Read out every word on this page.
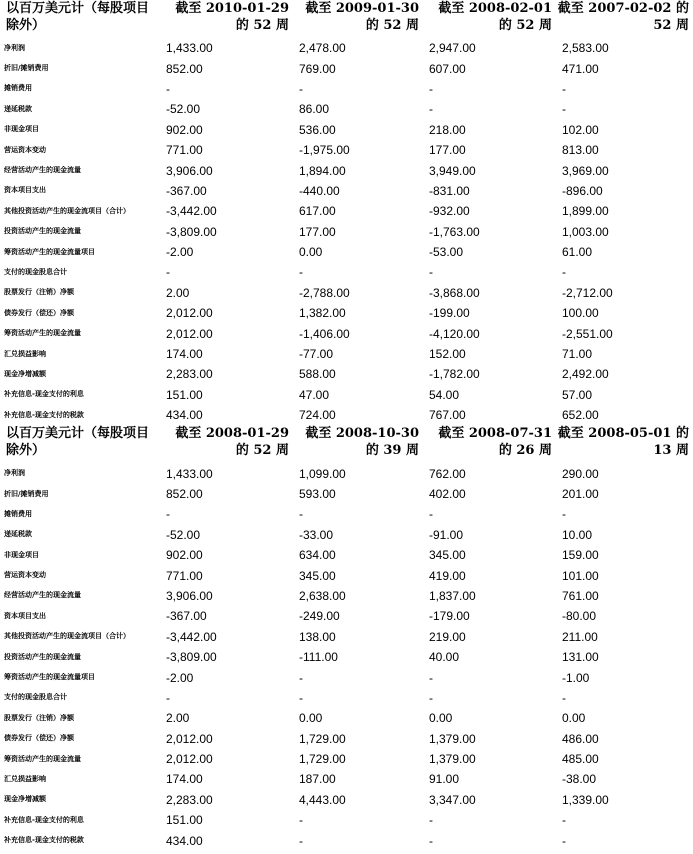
以百万美元计（每股项目除外）	截至 2010-01-29 的 52 周	截至 2009-01-30 的 52 周	截至 2008-02-01 的 52 周	截至 2007-02-02 的 52 周
净利润	1,433.00	2,478.00	2,947.00	2,583.00
折旧/摊销费用	852.00	769.00	607.00	471.00
摊销费用	-	-	-	-
递延税款	-52.00	86.00	-	-
非现金项目	902.00	536.00	218.00	102.00
营运资本变动	771.00	-1,975.00	177.00	813.00
经营活动产生的现金流量	3,906.00	1,894.00	3,949.00	3,969.00
资本项目支出	-367.00	-440.00	-831.00	-896.00
其他投资活动产生的现金流项目（合计）	-3,442.00	617.00	-932.00	1,899.00
投资活动产生的现金流量	-3,809.00	177.00	-1,763.00	1,003.00
筹资活动产生的现金流量项目	-2.00	0.00	-53.00	61.00
支付的现金股息合计	-	-	-	-
股票发行（注销）净额	2.00	-2,788.00	-3,868.00	-2,712.00
债券发行（偿还）净额	2,012.00	1,382.00	-199.00	100.00
筹资活动产生的现金流量	2,012.00	-1,406.00	-4,120.00	-2,551.00
汇兑损益影响	174.00	-77.00	152.00	71.00
现金净增减额	2,283.00	588.00	-1,782.00	2,492.00
补充信息-现金支付的利息	151.00	47.00	54.00	57.00
补充信息-现金支付的税款	434.00	724.00	767.00	652.00
以百万美元计（每股项目除外）	截至 2008-01-29 的 52 周	截至 2008-10-30 的 39 周	截至 2008-07-31 的 26 周	截至 2008-05-01 的 13 周
净利润	1,433.00	1,099.00	762.00	290.00
折旧/摊销费用	852.00	593.00	402.00	201.00
摊销费用	-	-	-	-
递延税款	-52.00	-33.00	-91.00	10.00
非现金项目	902.00	634.00	345.00	159.00
营运资本变动	771.00	345.00	419.00	101.00
经营活动产生的现金流量	3,906.00	2,638.00	1,837.00	761.00
资本项目支出	-367.00	-249.00	-179.00	-80.00
其他投资活动产生的现金流项目（合计）	-3,442.00	138.00	219.00	211.00
投资活动产生的现金流量	-3,809.00	-111.00	40.00	131.00
筹资活动产生的现金流量项目	-2.00	-	-	-1.00
支付的现金股息合计	-	-	-	-
股票发行（注销）净额	2.00	0.00	0.00	0.00
债券发行（偿还）净额	2,012.00	1,729.00	1,379.00	486.00
筹资活动产生的现金流量	2,012.00	1,729.00	1,379.00	485.00
汇兑损益影响	174.00	187.00	91.00	-38.00
现金净增减额	2,283.00	4,443.00	3,347.00	1,339.00
补充信息-现金支付的利息	151.00	-	-	-
补充信息-现金支付的税款	434.00	-	-	-
